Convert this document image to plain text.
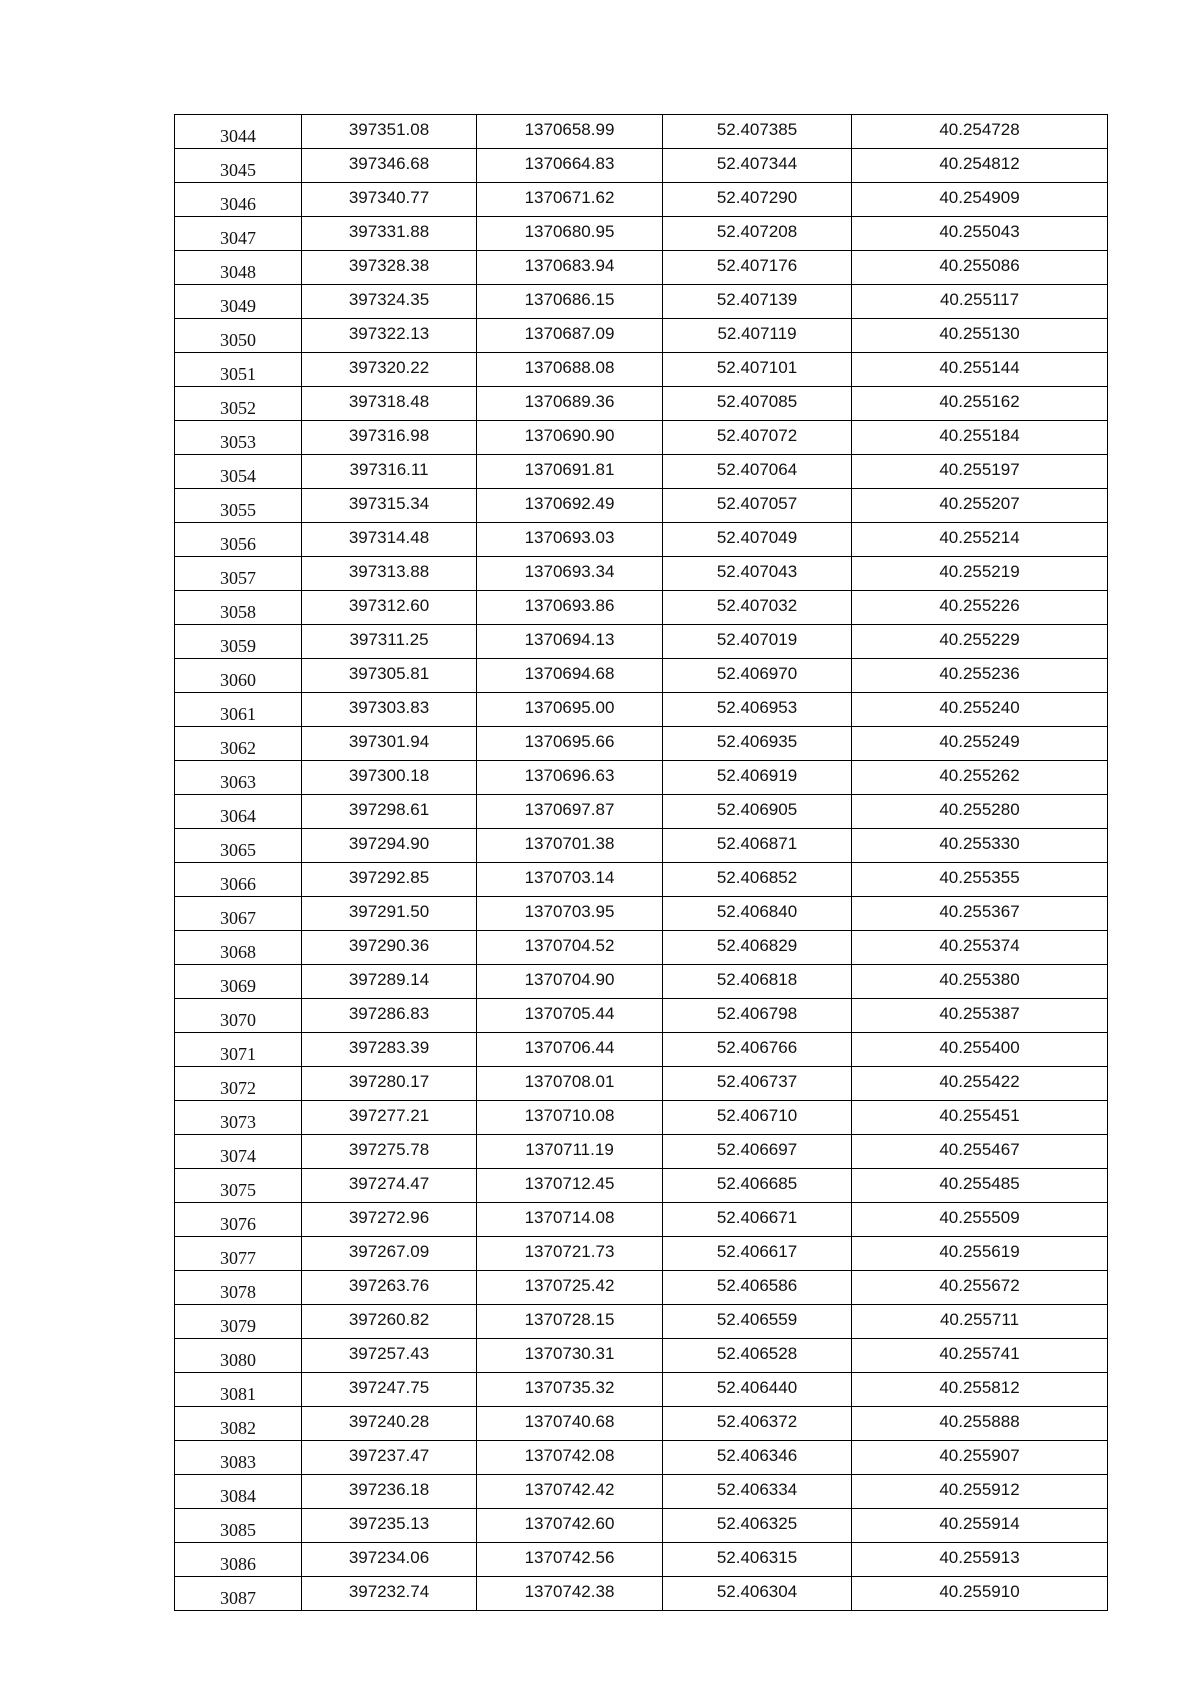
3044	397351.08	1370658.99	52.407385	40.254728
3045	397346.68	1370664.83	52.407344	40.254812
3046	397340.77	1370671.62	52.407290	40.254909
3047	397331.88	1370680.95	52.407208	40.255043
3048	397328.38	1370683.94	52.407176	40.255086
3049	397324.35	1370686.15	52.407139	40.255117
3050	397322.13	1370687.09	52.407119	40.255130
3051	397320.22	1370688.08	52.407101	40.255144
3052	397318.48	1370689.36	52.407085	40.255162
3053	397316.98	1370690.90	52.407072	40.255184
3054	397316.11	1370691.81	52.407064	40.255197
3055	397315.34	1370692.49	52.407057	40.255207
3056	397314.48	1370693.03	52.407049	40.255214
3057	397313.88	1370693.34	52.407043	40.255219
3058	397312.60	1370693.86	52.407032	40.255226
3059	397311.25	1370694.13	52.407019	40.255229
3060	397305.81	1370694.68	52.406970	40.255236
3061	397303.83	1370695.00	52.406953	40.255240
3062	397301.94	1370695.66	52.406935	40.255249
3063	397300.18	1370696.63	52.406919	40.255262
3064	397298.61	1370697.87	52.406905	40.255280
3065	397294.90	1370701.38	52.406871	40.255330
3066	397292.85	1370703.14	52.406852	40.255355
3067	397291.50	1370703.95	52.406840	40.255367
3068	397290.36	1370704.52	52.406829	40.255374
3069	397289.14	1370704.90	52.406818	40.255380
3070	397286.83	1370705.44	52.406798	40.255387
3071	397283.39	1370706.44	52.406766	40.255400
3072	397280.17	1370708.01	52.406737	40.255422
3073	397277.21	1370710.08	52.406710	40.255451
3074	397275.78	1370711.19	52.406697	40.255467
3075	397274.47	1370712.45	52.406685	40.255485
3076	397272.96	1370714.08	52.406671	40.255509
3077	397267.09	1370721.73	52.406617	40.255619
3078	397263.76	1370725.42	52.406586	40.255672
3079	397260.82	1370728.15	52.406559	40.255711
3080	397257.43	1370730.31	52.406528	40.255741
3081	397247.75	1370735.32	52.406440	40.255812
3082	397240.28	1370740.68	52.406372	40.255888
3083	397237.47	1370742.08	52.406346	40.255907
3084	397236.18	1370742.42	52.406334	40.255912
3085	397235.13	1370742.60	52.406325	40.255914
3086	397234.06	1370742.56	52.406315	40.255913
3087	397232.74	1370742.38	52.406304	40.255910
